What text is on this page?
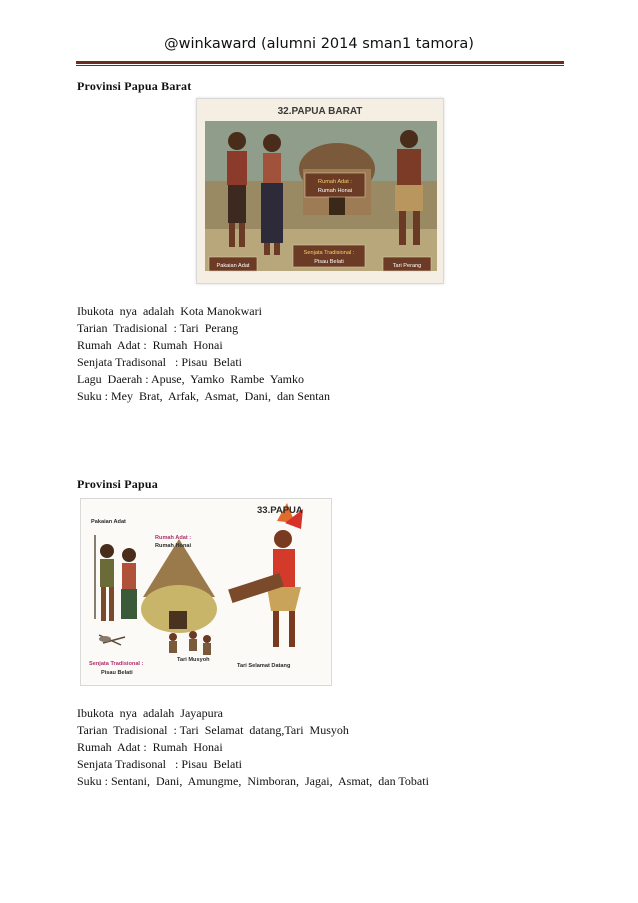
@winkaward (alumni 2014 sman1 tamora)
Provinsi Papua Barat
32.PAPUA BARAT
Rumah Adat :
Rumah Honai
Senjata Tradisional :
Pisau Belati
Pakaian Adat	Tari Perang
Ibukota  nya  adalah  Kota Manokwari
Tarian  Tradisional  : Tari  Perang
Rumah  Adat :  Rumah  Honai
Senjata Tradisonal   : Pisau  Belati
Lagu  Daerah : Apuse,  Yamko  Rambe  Yamko
Suku : Mey  Brat,  Arfak,  Asmat,  Dani,  dan Sentan
Provinsi Papua
33.PAPUA
Pakaian Adat
Rumah Adat :
Rumah Honai
Senjata Tradisional :
Pisau Belati
Tari Musyoh
Tari Selamat Datang
Ibukota  nya  adalah  Jayapura
Tarian  Tradisional  : Tari  Selamat  datang,Tari  Musyoh
Rumah  Adat :  Rumah  Honai
Senjata Tradisonal   : Pisau  Belati
Suku : Sentani,  Dani,  Amungme,  Nimboran,  Jagai,  Asmat,  dan Tobati
